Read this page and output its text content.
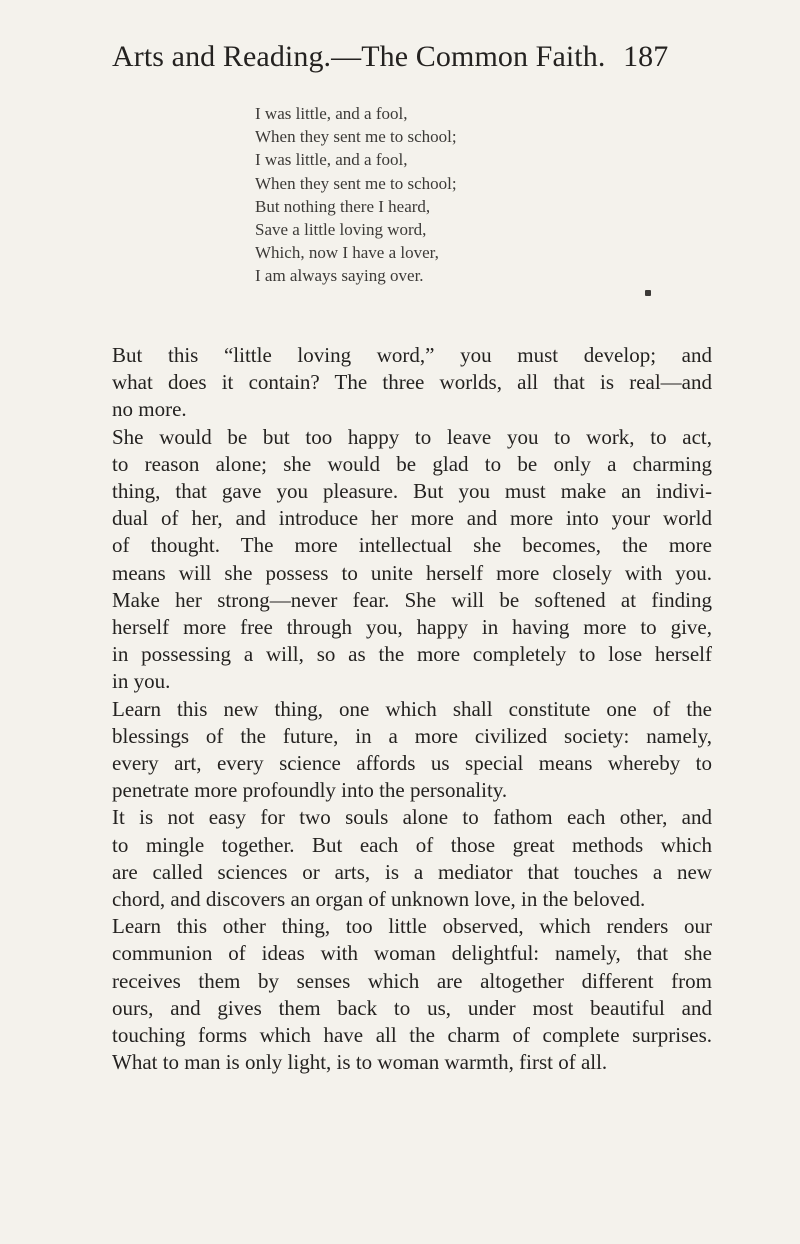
Arts and Reading.—The Common Faith. 187
I was little, and a fool,
When they sent me to school;
I was little, and a fool,
When they sent me to school;
But nothing there I heard,
Save a little loving word,
Which, now I have a lover,
I am always saying over.

But this “little loving word,” you must develop; and
what does it contain? The three worlds, all that is real—and
no more.

She would be but too happy to leave you to work, to act,
to reason alone; she would be glad to be only a charming
thing, that gave you pleasure. But you must make an indivi-
dual of her, and introduce her more and more into your world
of thought. The more intellectual she becomes, the more
means will she possess to unite herself more closely with you.
Make her strong—never fear. She will be softened at finding
herself more free through you, happy in having more to give,
in possessing a will, so as the more completely to lose herself
in you.

Learn this new thing, one which shall constitute one of the
blessings of the future, in a more civilized society: namely,
every art, every science affords us special means whereby to
penetrate more profoundly into the personality.

It is not easy for two souls alone to fathom each other, and
to mingle together. But each of those great methods which
are called sciences or arts, is a mediator that touches a new
chord, and discovers an organ of unknown love, in the beloved.

Learn this other thing, too little observed, which renders our
communion of ideas with woman delightful: namely, that she
receives them by senses which are altogether different from
ours, and gives them back to us, under most beautiful and
touching forms which have all the charm of complete surprises.
What to man is only light, is to woman warmth, first of all.
